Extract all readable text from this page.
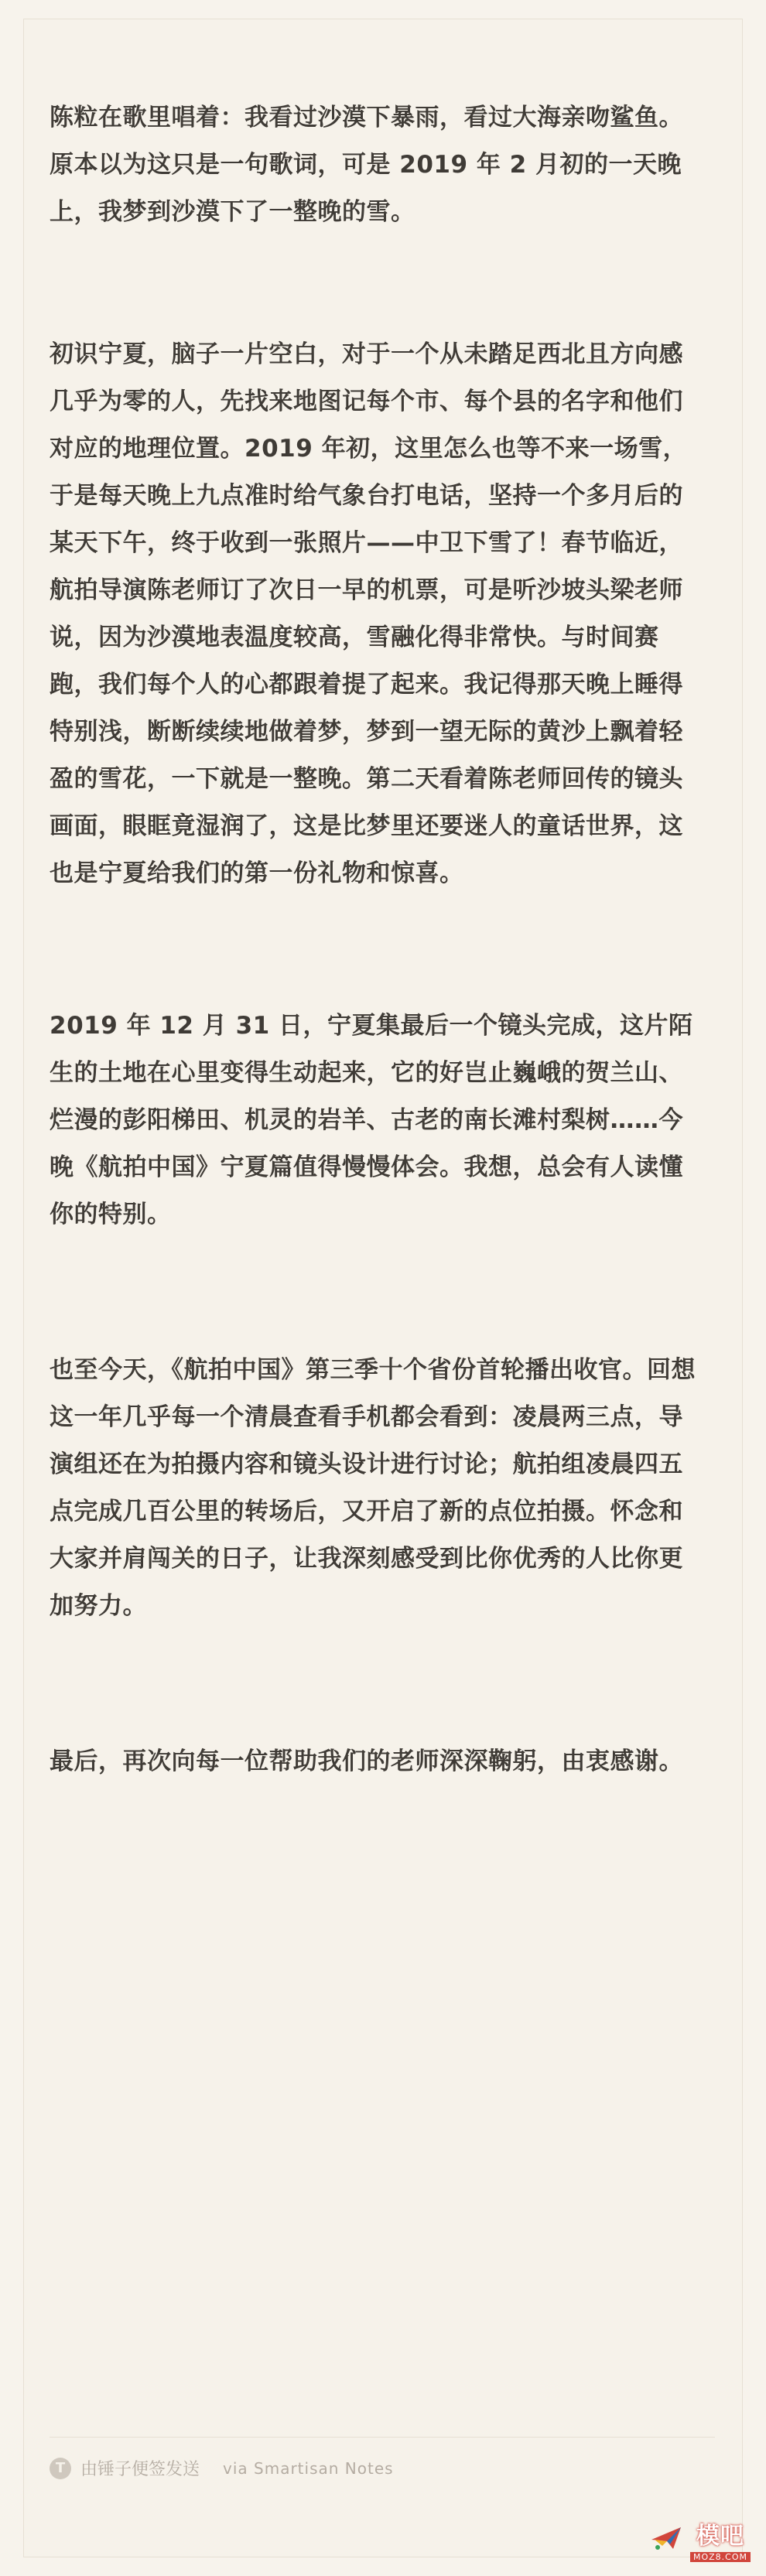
陈粒在歌里唱着：我看过沙漠下暴雨，看过大海亲吻鲨鱼。原本以为这只是一句歌词，可是 2019 年 2 月初的一天晚上，我梦到沙漠下了一整晚的雪。

初识宁夏，脑子一片空白，对于一个从未踏足西北且方向感几乎为零的人，先找来地图记每个市、每个县的名字和他们对应的地理位置。2019 年初，这里怎么也等不来一场雪，于是每天晚上九点准时给气象台打电话，坚持一个多月后的某天下午，终于收到一张照片——中卫下雪了！春节临近，航拍导演陈老师订了次日一早的机票，可是听沙坡头梁老师说，因为沙漠地表温度较高，雪融化得非常快。与时间赛跑，我们每个人的心都跟着提了起来。我记得那天晚上睡得特别浅，断断续续地做着梦，梦到一望无际的黄沙上飘着轻盈的雪花，一下就是一整晚。第二天看着陈老师回传的镜头画面，眼眶竟湿润了，这是比梦里还要迷人的童话世界，这也是宁夏给我们的第一份礼物和惊喜。

2019 年 12 月 31 日，宁夏集最后一个镜头完成，这片陌生的土地在心里变得生动起来，它的好岂止巍峨的贺兰山、烂漫的彭阳梯田、机灵的岩羊、古老的南长滩村梨树……今晚《航拍中国》宁夏篇值得慢慢体会。我想，总会有人读懂你的特别。

也至今天，《航拍中国》第三季十个省份首轮播出收官。回想这一年几乎每一个清晨查看手机都会看到：凌晨两三点，导演组还在为拍摄内容和镜头设计进行讨论；航拍组凌晨四五点完成几百公里的转场后，又开启了新的点位拍摄。怀念和大家并肩闯关的日子，让我深刻感受到比你优秀的人比你更加努力。

最后，再次向每一位帮助我们的老师深深鞠躬，由衷感谢。

T 由锤子便签发送 via Smartisan Notes
模吧
MOZ8.COM
